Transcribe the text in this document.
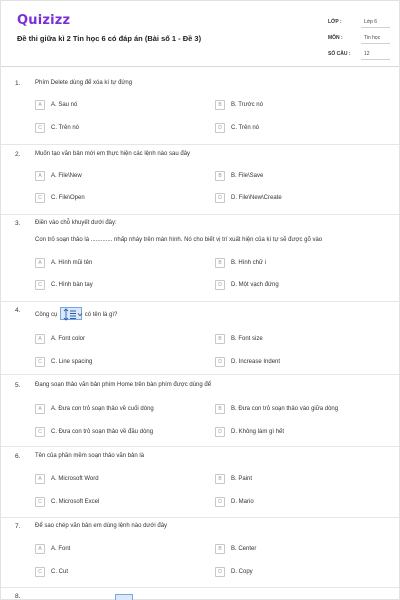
Quizizz
Đề thi giữa kì 2 Tin học 6 có đáp án (Bài số 1 - Đề 3)
LỚP :	Lớp 6
MÔN :	Tin học
SỐ CÂU :	12
1. Phím Delete dùng để xóa kí tự đứng
A	A. Sau nó	B	B. Trước nó
C	C. Trên nó	D	C. Trên nó
2. Muốn tạo văn bản mới em thực hiện các lệnh nào sau đây
A	A. File\New	B	B. File\Save
C	C. File\Open	D	D. File\New\Create
3. Điền vào chỗ khuyết dưới đây:
Con trỏ soạn thảo là ............. nhấp nháy trên màn hình. Nó cho biết vị trí xuất hiện của kí tự sẽ được gõ vào
A	A. Hình mũi tên	B	B. Hình chữ i
C	C. Hình bàn tay	D	D. Một vạch đứng
4.
Công cụ	có tên là gì?
A	A. Font color	B	B. Font size
C	C. Line spacing	D	D. Increase Indent
5. Đang soạn thảo văn bản phím Home trên bàn phím được dùng để
A	A. Đưa con trỏ soạn thảo về cuối dòng	B	B. Đưa con trỏ soạn thảo vào giữa dòng
C	C. Đưa con trỏ soạn thảo về đầu dòng	D	D. Không làm gì hết
6. Tên của phần mềm soạn thảo văn bản là
A	A. Microsoft Word	B	B. Paint
C	C. Microsoft Excel	D	D. Mario
7. Để sao chép văn bản em dùng lệnh nào dưới đây
A	A. Font	B	B. Center
C	C. Cut	D	D. Copy
8.
